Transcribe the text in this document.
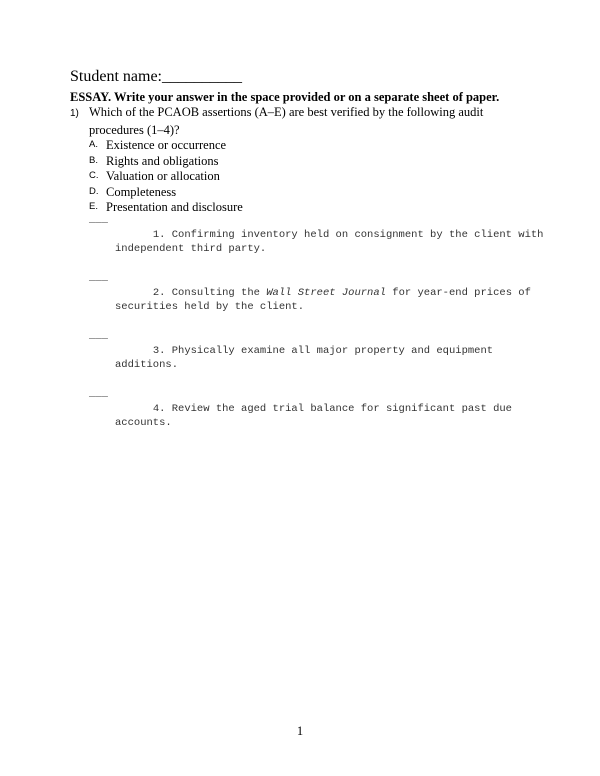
Student name:__________
ESSAY. Write your answer in the space provided or on a separate sheet of paper.
1) Which of the PCAOB assertions (A–E) are best verified by the following audit procedures (1–4)?
A. Existence or occurrence
B. Rights and obligations
C. Valuation or allocation
D. Completeness
E. Presentation and disclosure

___
1. Confirming inventory held on consignment by the client with independent third party.

___
2. Consulting the Wall Street Journal for year-end prices of securities held by the client.

___
3. Physically examine all major property and equipment additions.

___
4. Review the aged trial balance for significant past due accounts.

1
